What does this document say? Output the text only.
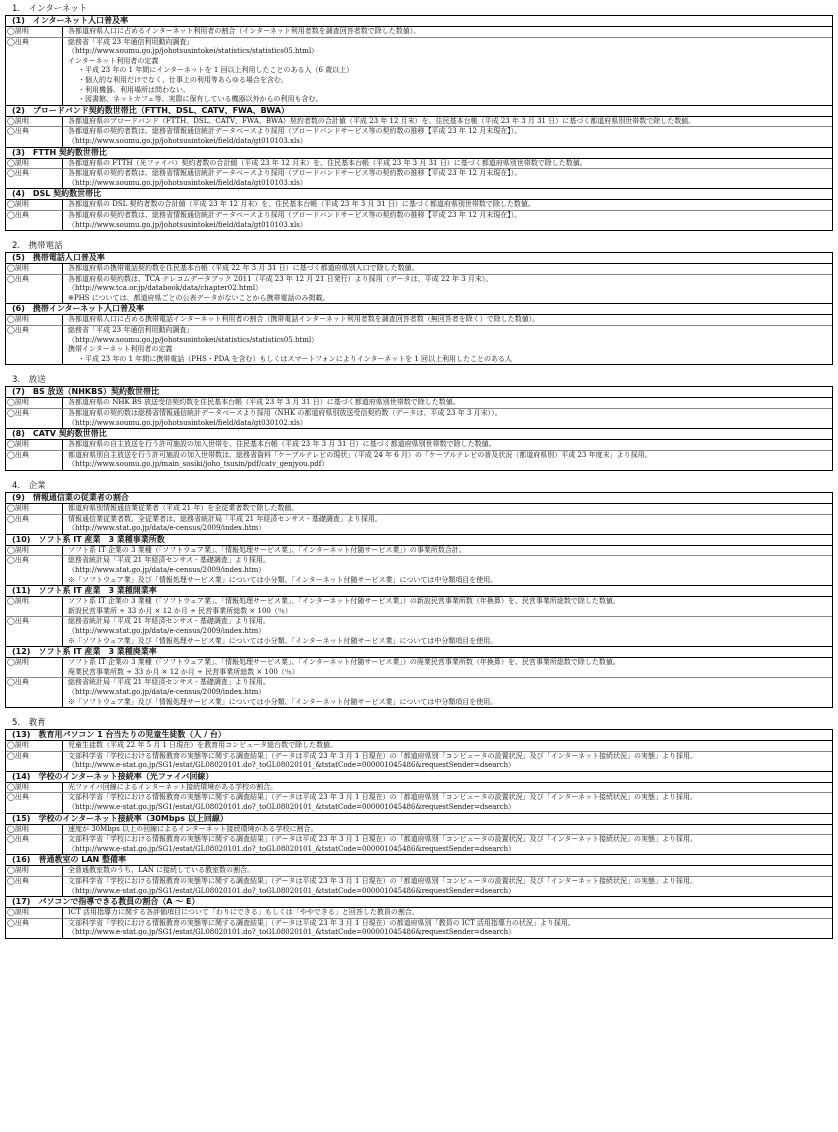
1.　インターネット
(1)　インターネット人口普及率
◯説明	各都道府県人口に占めるインターネット利用者の割合（インターネット利用者数を調査回答者数で除した数値）。
◯出典	総務省「平成 23 年通信利用動向調査」
（http://www.soumu.go.jp/johotsusintokei/statistics/statistics05.html）
インターネット利用者の定義
・平成 23 年の 1 年間にインターネットを 1 回以上利用したことのある人（6 歳以上）
・個人的な利用だけでなく、仕事上の利用等あらゆる場合を含む。
・利用機器、利用場所は問わない。
・図書館、ネットカフェ等、実際に保有している機器以外からの利用も含む。
(2)　ブロードバンド契約数世帯比（FTTH、DSL、CATV、FWA、BWA）
◯説明	各都道府県のブロードバンド（FTTH、DSL、CATV、FWA、BWA）契約者数の合計値（平成 23 年 12 月末）を、住民基本台帳（平成 23 年 3 月 31 日）に基づく都道府県別世帯数で除した数値。
◯出典	各都道府県の契約者数は、総務省情報通信統計データベースより採用（ブロードバンドサービス等の契約数の推移【平成 23 年 12 月末現在】）。
（http://www.soumu.go.jp/johotsusintokei/field/data/gt010103.xls）
(3)　FTTH 契約数世帯比
◯説明	各都道府県の FTTH（光ファイバ）契約者数の合計値（平成 23 年 12 月末）を、住民基本台帳（平成 23 年 3 月 31 日）に基づく都道府県別世帯数で除した数値。
◯出典	各都道府県の契約者数は、総務省情報通信統計データベースより採用（ブロードバンドサービス等の契約数の推移【平成 23 年 12 月末現在】）。
（http://www.soumu.go.jp/johotsusintokei/field/data/gt010103.xls）
(4)　DSL 契約数世帯比
◯説明	各都道府県の DSL 契約者数の合計値（平成 23 年 12 月末）を、住民基本台帳（平成 23 年 3 月 31 日）に基づく都道府県別世帯数で除した数値。
◯出典	各都道府県の契約者数は、総務省情報通信統計データベースより採用（ブロードバンドサービス等の契約数の推移【平成 23 年 12 月末現在】）。
（http://www.soumu.go.jp/johotsusintokei/field/data/gt010103.xls）
2.　携帯電話
(5)　携帯電話人口普及率
◯説明	各都道府県の携帯電話契約数を住民基本台帳（平成 22 年 3 月 31 日）に基づく都道府県別人口で除した数値。
◯出典	各都道府県の契約数は、TCA テレコムデータブック 2011（平成 23 年 12 月 21 日発行）より採用（データは、平成 22 年 3 月末）。
（http://www.tca.or.jp/databook/data/chapter02.html）
※PHS については、都道府県ごとの公表データがないことから携帯電話のみ掲載。
(6)　携帯インターネット人口普及率
◯説明	各都道府県人口に占める携帯電話インターネット利用者の割合（携帯電話インターネット利用者数を調査回答者数（無回答者を除く）で除した数値）。
◯出典	総務省「平成 23 年通信利用動向調査」
（http://www.soumu.go.jp/johotsusintokei/statistics/statistics05.html）
携帯インターネット利用者の定義
・平成 23 年の 1 年間に携帯電話（PHS・PDA を含む）もしくはスマートフォンによりインターネットを 1 回以上利用したことのある人
3.　放送
(7)　BS 放送（NHKBS）契約数世帯比
◯説明	各都道府県の NHK BS 放送受信契約数を住民基本台帳（平成 23 年 3 月 31 日）に基づく都道府県別世帯数で除した数値。
◯出典	各都道府県の契約数は総務省情報通信統計データベースより採用（NHK の都道府県別放送受信契約数（データは、平成 23 年 3 月末））。
（http://www.soumu.go.jp/johotsusintokei/field/data/gt030102.xls）
(8)　CATV 契約数世帯比
◯説明	各都道府県の自主放送を行う許可施設の加入世帯を、住民基本台帳（平成 23 年 3 月 31 日）に基づく都道府県別世帯数で除した数値。
◯出典	都道府県別自主放送を行う許可施設の加入世帯数は、総務省資料「ケーブルテレビの現状」（平成 24 年 6 月）の「ケーブルテレビの普及状況（都道府県別）平成 23 年度末」より採用。
（http://www.soumu.go.jp/main_sosiki/joho_tsusin/pdf/catv_genjyou.pdf）
4.　企業
(9)　情報通信業の従業者の割合
◯説明	都道府県別情報通信業従業者（平成 21 年）を全従業者数で除した数値。
◯出典	情報通信業従業者数、全従業者は、総務省統計局「平成 21 年経済センサス - 基礎調査」より採用。
（http://www.stat.go.jp/data/e-census/2009/index.htm）
(10)　ソフト系 IT 産業　3 業種事業所数
◯説明	ソフト系 IT 企業の 3 業種（「ソフトウェア業」、「情報処理サービス業」、「インターネット付随サービス業」）の事業所数合計。
◯出典	総務省統計局「平成 21 年経済センサス - 基礎調査」より採用。
（http://www.stat.go.jp/data/e-census/2009/index.htm）
※「ソフトウェア業」及び「情報処理サービス業」については小分類、「インターネット付随サービス業」については中分類項目を使用。
(11)　ソフト系 IT 産業　3 業種開業率
◯説明	ソフト系 IT 企業の 3 業種（「ソフトウェア業」、「情報処理サービス業」、「インターネット付随サービス業」）の新設民営事業所数（年換算）を、民営事業所総数で除した数値。
新設民営事業所 ÷ 33 か月 × 12 か月 ÷ 民営事業所総数 × 100（％）
◯出典	総務省統計局「平成 21 年経済センサス - 基礎調査」より採用。
（http://www.stat.go.jp/data/e-census/2009/index.htm）
※「ソフトウェア業」及び「情報処理サービス業」については小分類、「インターネット付随サービス業」については中分類項目を使用。
(12)　ソフト系 IT 産業　3 業種廃業率
◯説明	ソフト系 IT 企業の 3 業種（「ソフトウェア業」、「情報処理サービス業」、「インターネット付随サービス業」）の廃業民営事業所数（年換算）を、民営事業所総数で除した数値。
廃業民営事業所数 ÷ 33 か月 × 12 か月 ÷ 民営事業所総数 × 100（％）
◯出典	総務省統計局「平成 21 年経済センサス - 基礎調査」より採用。
（http://www.stat.go.jp/data/e-census/2009/index.htm）
※「ソフトウェア業」及び「情報処理サービス業」については小分類、「インターネット付随サービス業」については中分類項目を使用。
5.　教育
(13)　教育用パソコン 1 台当たりの児童生徒数（人 / 台）
◯説明	児童生徒数（平成 22 年 5 月 1 日現在）を教育用コンピュータ総台数で除した数値。
◯出典	文部科学省「学校における情報教育の実態等に関する調査結果」（データは平成 23 年 3 月 1 日現在）の「都道府県別「コンピュータの設置状況」及び「インターネット接続状況」の実態」より採用。
（http://www.e-stat.go.jp/SG1/estat/GL08020101.do?_toGL08020101_&tstatCode=000001045486&requestSender=dsearch）
(14)　学校のインターネット接続率（光ファイバ回線）
◯説明	光ファイバ回線によるインターネット接続環境がある学校の割合。
◯出典	文部科学省「学校における情報教育の実態等に関する調査結果」（データは平成 23 年 3 月 1 日現在）の「都道府県別「コンピュータの設置状況」及び「インターネット接続状況」の実態」より採用。
（http://www.e-stat.go.jp/SG1/estat/GL08020101.do?_toGL08020101_&tstatCode=000001045486&requestSender=dsearch）
(15)　学校のインターネット接続率（30Mbps 以上回線）
◯説明	速度が 30Mbps 以上の回線によるインターネット接続環境がある学校に割合。
◯出典	文部科学省「学校における情報教育の実態等に関する調査結果」（データは平成 23 年 3 月 1 日現在）の「都道府県別「コンピュータの設置状況」及び「インターネット接続状況」の実態」より採用。
（http://www.e-stat.go.jp/SG1/estat/GL08020101.do?_toGL08020101_&tstatCode=000001045486&requestSender=dsearch）
(16)　普通教室の LAN 整備率
◯説明	全普通教室数のうち、LAN に接続している教室数の割合。
◯出典	文部科学省「学校における情報教育の実態等に関する調査結果」（データは平成 23 年 3 月 1 日現在）の「都道府県別「コンピュータの設置状況」及び「インターネット接続状況」の実態」より採用。
（http://www.e-stat.go.jp/SG1/estat/GL08020101.do?_toGL08020101_&tstatCode=000001045486&requestSender=dsearch）
(17)　パソコンで指導できる教員の割合（A ～ E）
◯説明	ICT 活用指導力に関する各評価項目について「わりにできる」もしくは「ややできる」と回答した教員の割合。
◯出典	文部科学省「学校における情報教育の実態等に関する調査結果」（データは平成 23 年 3 月 1 日現在）の都道府県別「教員の ICT 活用指導力の状況」より採用。
（http://www.e-stat.go.jp/SG1/estat/GL08020101.do?_toGL08020101_&tstatCode=000001045486&requestSender=dsearch）
